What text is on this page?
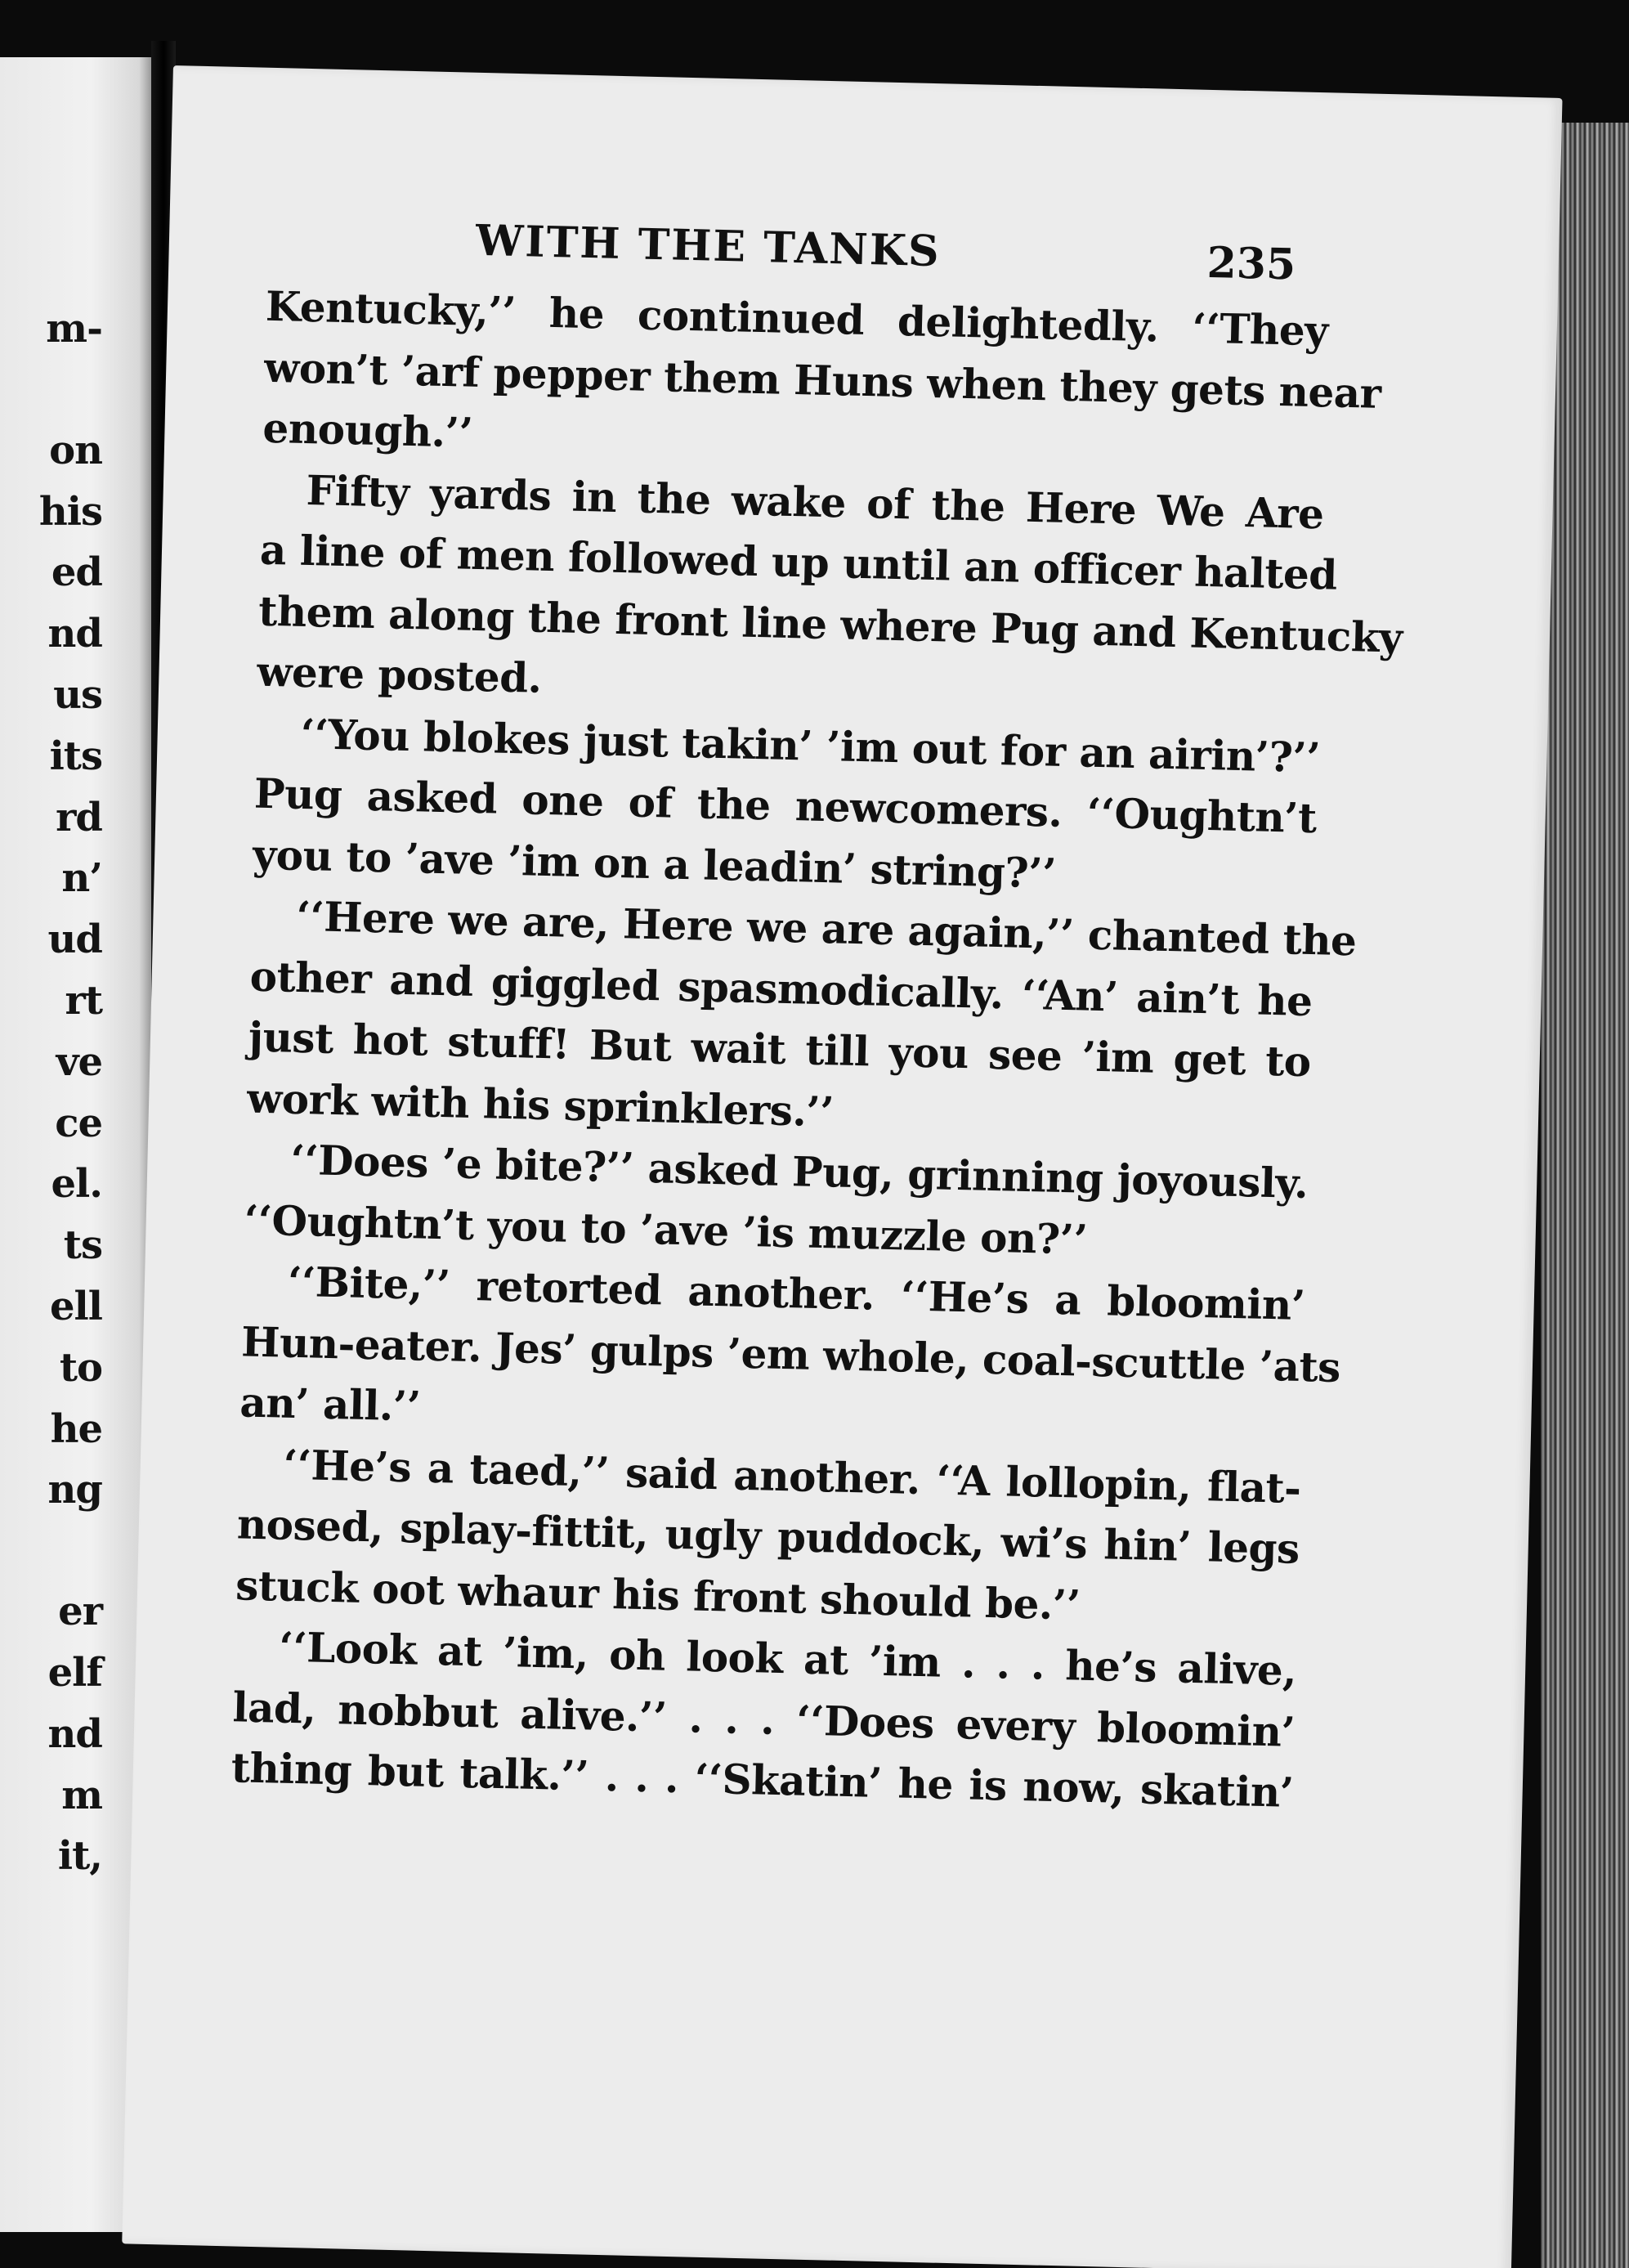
m-
on
his
ed
nd
us
its
rd
n’
ud
rt
ve
ce
el.
ts
ell
to
he
ng
er
elf
nd
m
it,
WITH THE TANKS	235
Kentucky,’’ he continued delightedly. ‘‘They
won’t ’arf pepper them Huns when they gets near
enough.’’
Fifty yards in the wake of the Here We Are
a line of men followed up until an officer halted
them along the front line where Pug and Kentucky
were posted.
‘‘You blokes just takin’ ’im out for an airin’?’’
Pug asked one of the newcomers. ‘‘Oughtn’t
you to ’ave ’im on a leadin’ string?’’
‘‘Here we are, Here we are again,’’ chanted the
other and giggled spasmodically. ‘‘An’ ain’t he
just hot stuff! But wait till you see ’im get to
work with his sprinklers.’’
‘‘Does ’e bite?’’ asked Pug, grinning joyously.
‘‘Oughtn’t you to ’ave ’is muzzle on?’’
‘‘Bite,’’ retorted another. ‘‘He’s a bloomin’
Hun-eater. Jes’ gulps ’em whole, coal-scuttle ’ats
an’ all.’’
‘‘He’s a taed,’’ said another. ‘‘A lollopin, flat-
nosed, splay-fittit, ugly puddock, wi’s hin’ legs
stuck oot whaur his front should be.’’
‘‘Look at ’im, oh look at ’im . . . he’s alive,
lad, nobbut alive.’’ . . . ‘‘Does every bloomin’
thing but talk.’’ . . . ‘‘Skatin’ he is now, skatin’
